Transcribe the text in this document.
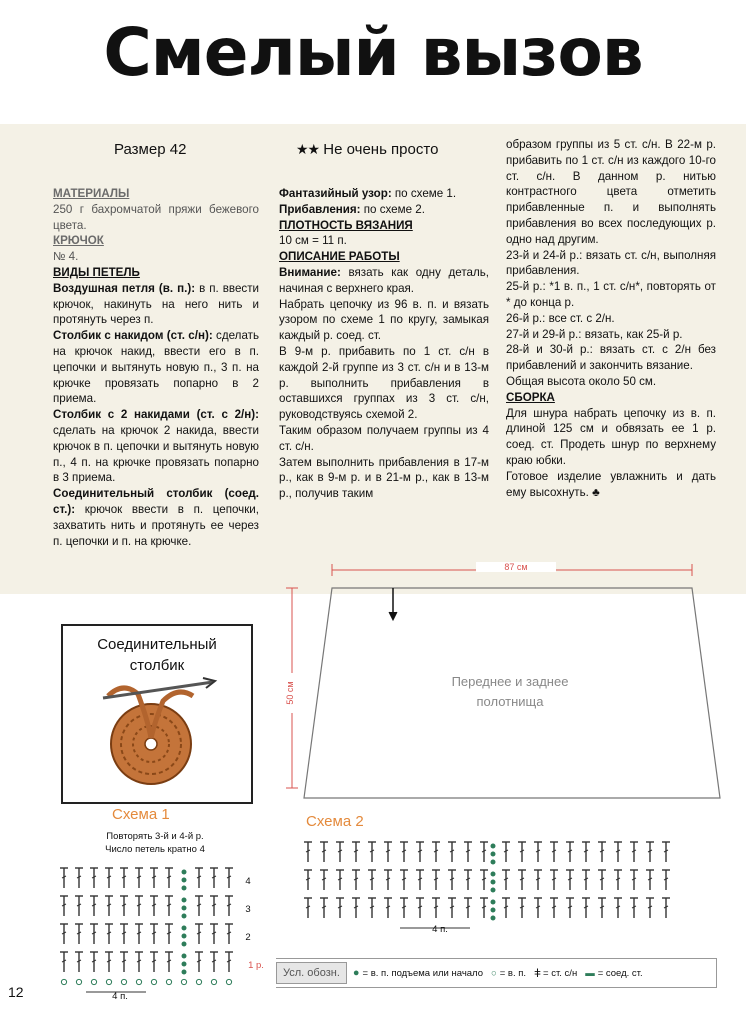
Смелый вызов
Размер 42	★★ Не очень просто

МАТЕРИАЛЫ

250 г бахромчатой пряжи бежевого цвета.

КРЮЧОК

№ 4.

ВИДЫ ПЕТЕЛЬ

Воздушная петля (в. п.): в п. ввести крючок, накинуть на него нить и протянуть через п.

Столбик с накидом (ст. с/н): сделать на крючок накид, ввести его в п. цепочки и вытянуть новую п., 3 п. на крючке провязать попарно в 2 приема.

Столбик с 2 накидами (ст. с 2/н): сделать на крючок 2 накида, ввести крючок в п. цепочки и вытянуть новую п., 4 п. на крючке провязать попарно в 3 приема.

Соединительный столбик (соед. ст.): крючок ввести в п. цепочки, захватить нить и протянуть ее через п. цепочки и п. на крючке.

Фантазийный узор: по схеме 1.

Прибавления: по схеме 2.

ПЛОТНОСТЬ ВЯЗАНИЯ

10 см = 11 п.

ОПИСАНИЕ РАБОТЫ

Внимание: вязать как одну деталь, начиная с верхнего края.

Набрать цепочку из 96 в. п. и вязать узором по схеме 1 по кругу, замыкая каждый р. соед. ст.

В 9-м р. прибавить по 1 ст. с/н в каждой 2-й группе из 3 ст. с/н и в 13-м р. выполнить прибавления в оставшихся группах из 3 ст. с/н, руководствуясь схемой 2.

Таким образом получаем группы из 4 ст. с/н.

Затем выполнить прибавления в 17-м р., как в 9-м р. и в 21-м р., как в 13-м р., получив таким

образом группы из 5 ст. с/н. В 22-м р. прибавить по 1 ст. с/н из каждого 10-го ст. с/н. В данном р. нитью контрастного цвета отметить прибавленные п. и выполнять прибавления во всех последующих р. одно над другим.

23-й и 24-й р.: вязать ст. с/н, выполняя прибавления.

25-й р.: *1 в. п., 1 ст. с/н*, повторять от * до конца р.

26-й р.: все ст. с 2/н.

27-й и 29-й р.: вязать, как 25-й р.

28-й и 30-й р.: вязать ст. с 2/н без прибавлений и закончить вязание.

Общая высота около 50 см.

СБОРКА

Для шнура набрать цепочку из в. п. длиной 125 см и обвязать ее 1 р. соед. ст. Продеть шнур по верхнему краю юбки.

Готовое изделие увлажнить и дать ему высохнуть. ♣

Соединительный
столбик
87 см
50 см	Переднее и заднее
полотнища
Схема 1
Повторять 3-й и 4-й р.
Число петель кратно 4
4
3
2
1 р.
4 п.
Схема 2
4 п.
Усл. обозн.	● = в. п. подъема или начало ○ = в. п. ǂ = ст. с/н ▬ = соед. ст.
12
